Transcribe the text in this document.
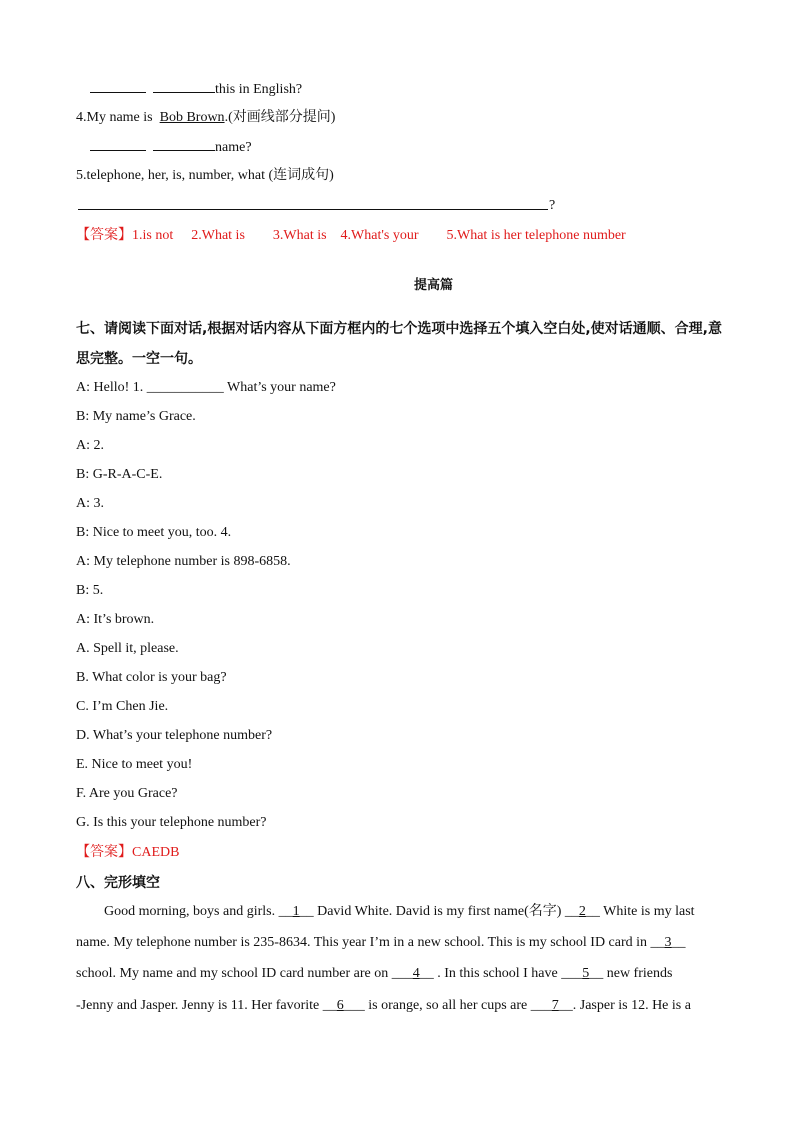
this in English?
4.My name is  Bob Brown.(对画线部分提问)
name?
5.telephone, her, is, number, what (连词成句)
?
【答案】1.is not 2.What is 3.What is 4.What's your 5.What is her telephone number
提高篇
七、请阅读下面对话,根据对话内容从下面方框内的七个选项中选择五个填入空白处,使对话通顺、合理,意
思完整。一空一句。
A: Hello! 1. ___________ What’s your name?
B: My name’s Grace.
A: 2.
B: G-R-A-C-E.
A: 3.
B: Nice to meet you, too. 4.
A: My telephone number is 898-6858.
B: 5.
A: It’s brown.
A. Spell it, please.
B. What color is your bag?
C. I’m Chen Jie.
D. What’s your telephone number?
E. Nice to meet you!
F. Are you Grace?
G. Is this your telephone number?
【答案】CAEDB
八、完形填空
Good morning, boys and girls. __1__ David White. David is my first name(名字) __2__ White is my last
name. My telephone number is 235-8634. This year I’m in a new school. This is my school ID card in __3__
school. My name and my school ID card number are on ___4__ . In this school I have ___5__ new friends
-Jenny and Jasper. Jenny is 11. Her favorite __6___ is orange, so all her cups are ___7__. Jasper is 12. He is a
